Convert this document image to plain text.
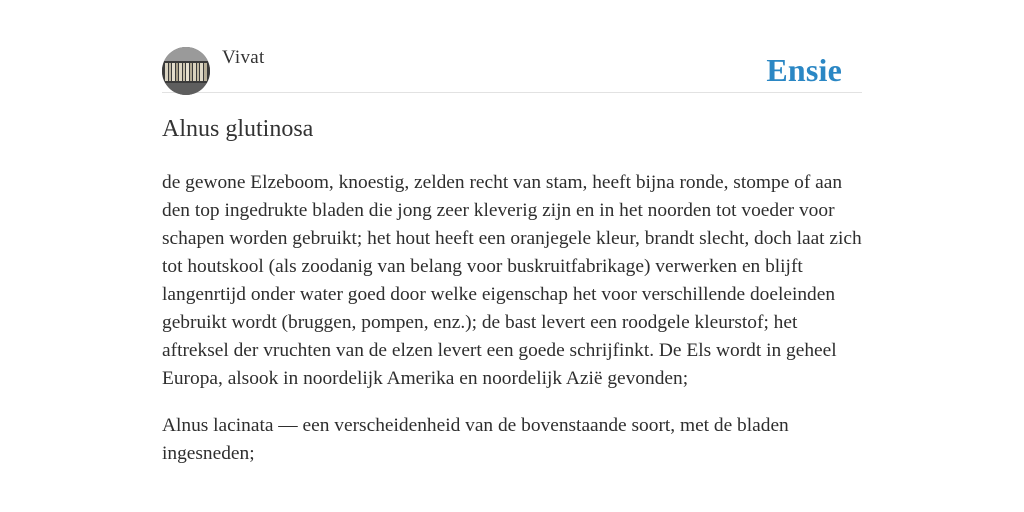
Vivat	Ensie
Alnus glutinosa

de gewone Elzeboom, knoestig, zelden recht van stam, heeft bijna ronde, stompe of aan den top ingedrukte bladen die jong zeer kleverig zijn en in het noorden tot voeder voor schapen worden gebruikt; het hout heeft een oranjegele kleur, brandt slecht, doch laat zich tot houtskool (als zoodanig van belang voor buskruitfabrikage) verwerken en blijft langenrtijd onder water goed door welke eigenschap het voor verschillende doeleinden gebruikt wordt (bruggen, pompen, enz.); de bast levert een roodgele kleurstof; het aftreksel der vruchten van de elzen levert een goede schrijfinkt. De Els wordt in geheel Europa, alsook in noordelijk Amerika en noordelijk Azië gevonden;

Alnus lacinata — een verscheidenheid van de bovenstaande soort, met de bladen ingesneden;
